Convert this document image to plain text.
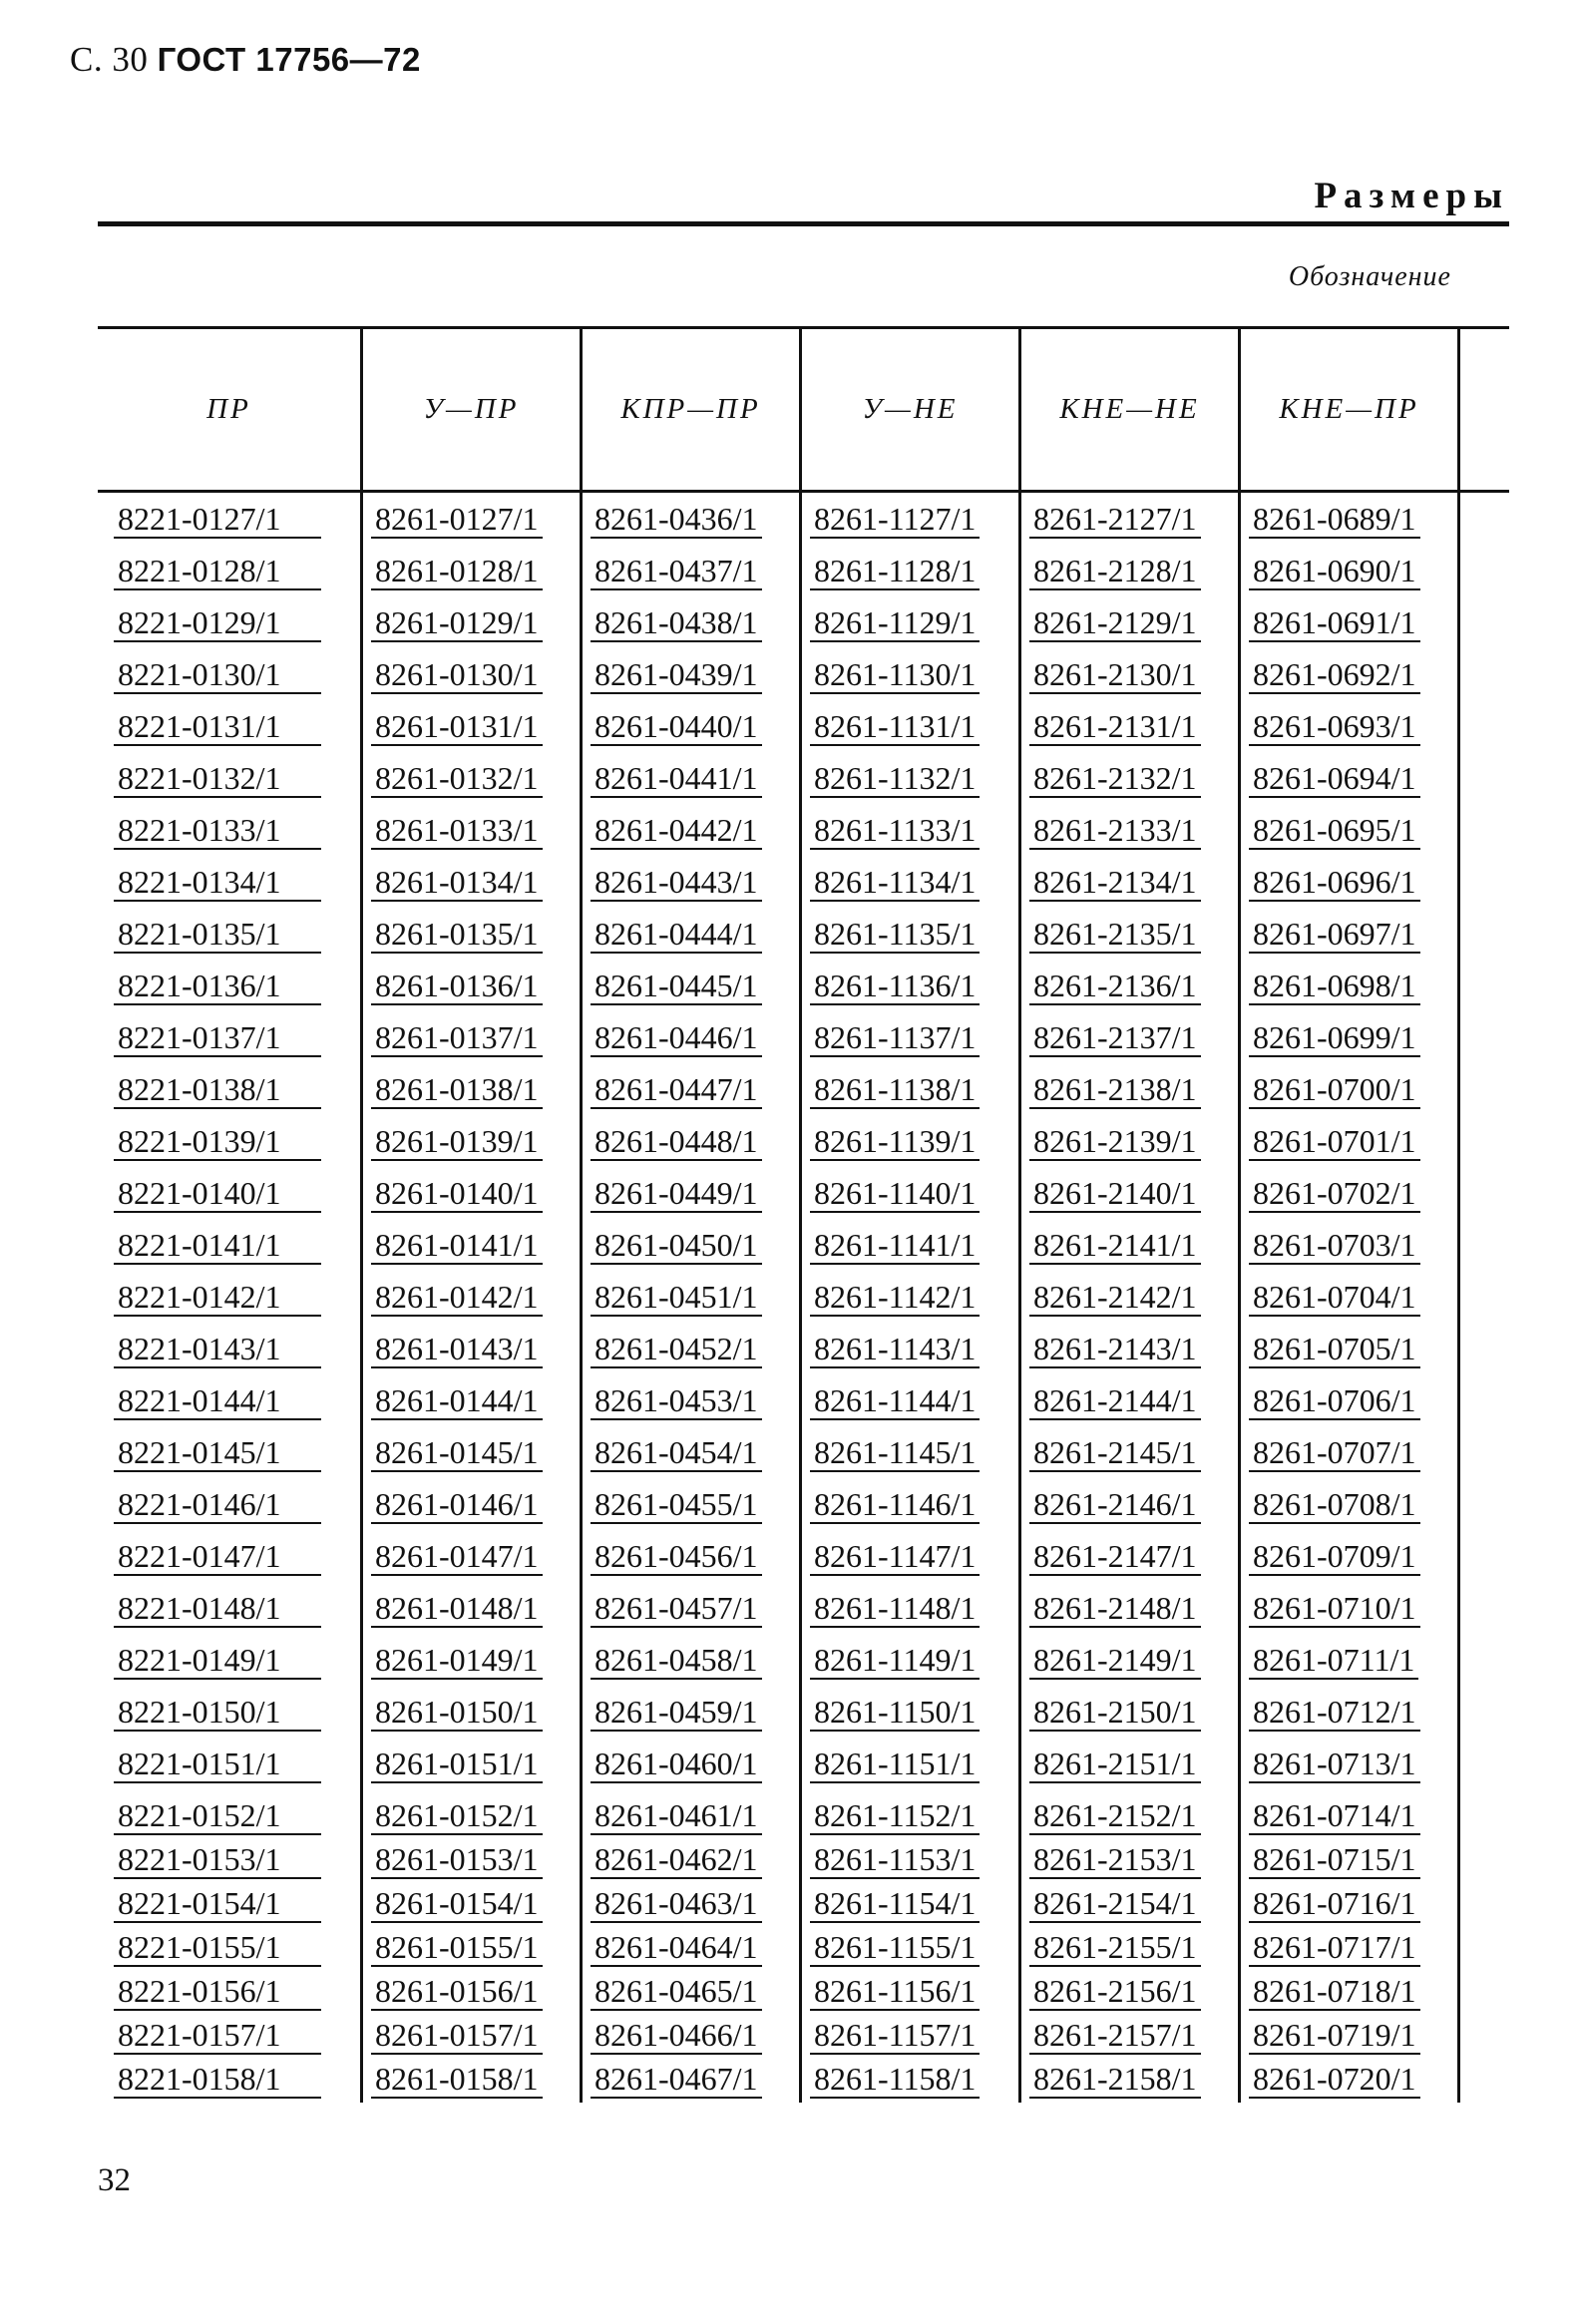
С. 30 ГОСТ 17756—72
Размеры
Обозначение
ПР	У—ПР	КПР—ПР	У—НЕ	КНЕ—НЕ	КНЕ—ПР
8221-0127/1	8261-0127/1 8261-0436/1 8261-1127/1 8261-2127/1 8261-0689/1
8221-0128/1	8261-0128/1 8261-0437/1 8261-1128/1 8261-2128/1 8261-0690/1
8221-0129/1	8261-0129/1 8261-0438/1 8261-1129/1 8261-2129/1 8261-0691/1
8221-0130/1	8261-0130/1 8261-0439/1 8261-1130/1 8261-2130/1 8261-0692/1
8221-0131/1	8261-0131/1 8261-0440/1 8261-1131/1 8261-2131/1 8261-0693/1
8221-0132/1	8261-0132/1 8261-0441/1 8261-1132/1 8261-2132/1 8261-0694/1
8221-0133/1	8261-0133/1 8261-0442/1 8261-1133/1 8261-2133/1 8261-0695/1
8221-0134/1	8261-0134/1 8261-0443/1 8261-1134/1 8261-2134/1 8261-0696/1
8221-0135/1	8261-0135/1 8261-0444/1 8261-1135/1 8261-2135/1 8261-0697/1
8221-0136/1	8261-0136/1 8261-0445/1 8261-1136/1 8261-2136/1 8261-0698/1
8221-0137/1	8261-0137/1 8261-0446/1 8261-1137/1 8261-2137/1 8261-0699/1
8221-0138/1	8261-0138/1 8261-0447/1 8261-1138/1 8261-2138/1 8261-0700/1
8221-0139/1	8261-0139/1 8261-0448/1 8261-1139/1 8261-2139/1 8261-0701/1
8221-0140/1	8261-0140/1 8261-0449/1 8261-1140/1 8261-2140/1 8261-0702/1
8221-0141/1	8261-0141/1 8261-0450/1 8261-1141/1 8261-2141/1 8261-0703/1
8221-0142/1	8261-0142/1 8261-0451/1 8261-1142/1 8261-2142/1 8261-0704/1
8221-0143/1	8261-0143/1 8261-0452/1 8261-1143/1 8261-2143/1 8261-0705/1
8221-0144/1	8261-0144/1 8261-0453/1 8261-1144/1 8261-2144/1 8261-0706/1
8221-0145/1	8261-0145/1 8261-0454/1 8261-1145/1 8261-2145/1 8261-0707/1
8221-0146/1	8261-0146/1 8261-0455/1 8261-1146/1 8261-2146/1 8261-0708/1
8221-0147/1	8261-0147/1 8261-0456/1 8261-1147/1 8261-2147/1 8261-0709/1
8221-0148/1	8261-0148/1 8261-0457/1 8261-1148/1 8261-2148/1 8261-0710/1
8221-0149/1	8261-0149/1 8261-0458/1 8261-1149/1 8261-2149/1 8261-0711/1
8221-0150/1	8261-0150/1 8261-0459/1 8261-1150/1 8261-2150/1 8261-0712/1
8221-0151/1	8261-0151/1 8261-0460/1 8261-1151/1 8261-2151/1 8261-0713/1
8221-0152/1	8261-0152/1 8261-0461/1 8261-1152/1 8261-2152/1 8261-0714/1
8221-0153/1	8261-0153/1 8261-0462/1 8261-1153/1 8261-2153/1 8261-0715/1
8221-0154/1	8261-0154/1 8261-0463/1 8261-1154/1 8261-2154/1 8261-0716/1
8221-0155/1	8261-0155/1 8261-0464/1 8261-1155/1 8261-2155/1 8261-0717/1
8221-0156/1	8261-0156/1 8261-0465/1 8261-1156/1 8261-2156/1 8261-0718/1
8221-0157/1	8261-0157/1 8261-0466/1 8261-1157/1 8261-2157/1 8261-0719/1
8221-0158/1	8261-0158/1 8261-0467/1 8261-1158/1 8261-2158/1 8261-0720/1
32
